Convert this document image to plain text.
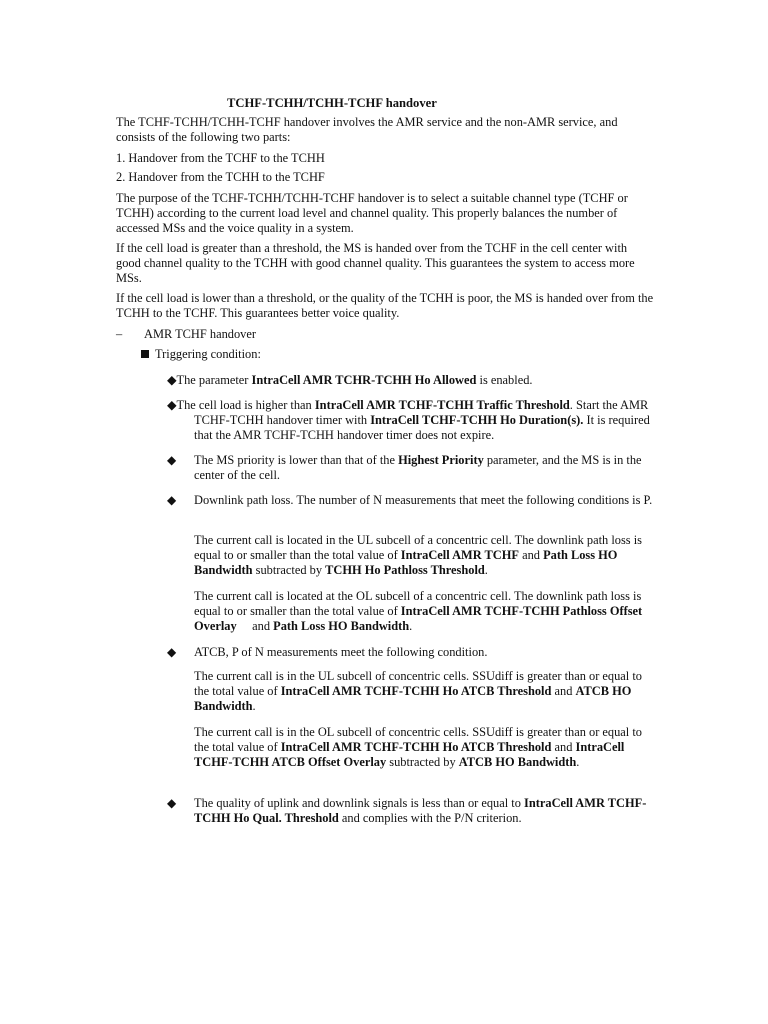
TCHF-TCHH/TCHH-TCHF handover
The TCHF-TCHH/TCHH-TCHF handover involves the AMR service and the non-AMR service, and consists of the following two parts:
1. Handover from the TCHF to the TCHH
2. Handover from the TCHH to the TCHF
The purpose of the TCHF-TCHH/TCHH-TCHF handover is to select a suitable channel type (TCHF or TCHH) according to the current load level and channel quality. This properly balances the number of accessed MSs and the voice quality in a system.
If the cell load is greater than a threshold, the MS is handed over from the TCHF in the cell center with good channel quality to the TCHH with good channel quality. This guarantees the system to access more MSs.
If the cell load is lower than a threshold, or the quality of the TCHH is poor, the MS is handed over from the TCHH to the TCHF. This guarantees better voice quality.
– AMR TCHF handover
Triggering condition:
◆The parameter IntraCell AMR TCHR-TCHH Ho Allowed is enabled.
◆The cell load is higher than IntraCell AMR TCHF-TCHH Traffic Threshold. Start the AMR TCHF-TCHH handover timer with IntraCell TCHF-TCHH Ho Duration(s). It is required that the AMR TCHF-TCHH handover timer does not expire.
◆ The MS priority is lower than that of the Highest Priority parameter, and the MS is in the center of the cell.
◆ Downlink path loss. The number of N measurements that meet the following conditions is P.
The current call is located in the UL subcell of a concentric cell. The downlink path loss is equal to or smaller than the total value of IntraCell AMR TCHF and Path Loss HO Bandwidth subtracted by TCHH Ho Pathloss Threshold.
The current call is located at the OL subcell of a concentric cell. The downlink path loss is equal to or smaller than the total value of IntraCell AMR TCHF-TCHH Pathloss Offset Overlay     and Path Loss HO Bandwidth.
◆ ATCB, P of N measurements meet the following condition.
The current call is in the UL subcell of concentric cells. SSUdiff is greater than or equal to the total value of IntraCell AMR TCHF-TCHH Ho ATCB Threshold and ATCB HO Bandwidth.
The current call is in the OL subcell of concentric cells. SSUdiff is greater than or equal to the total value of IntraCell AMR TCHF-TCHH Ho ATCB Threshold and IntraCell TCHF-TCHH ATCB Offset Overlay subtracted by ATCB HO Bandwidth.
◆ The quality of uplink and downlink signals is less than or equal to IntraCell AMR TCHF-TCHH Ho Qual. Threshold and complies with the P/N criterion.
